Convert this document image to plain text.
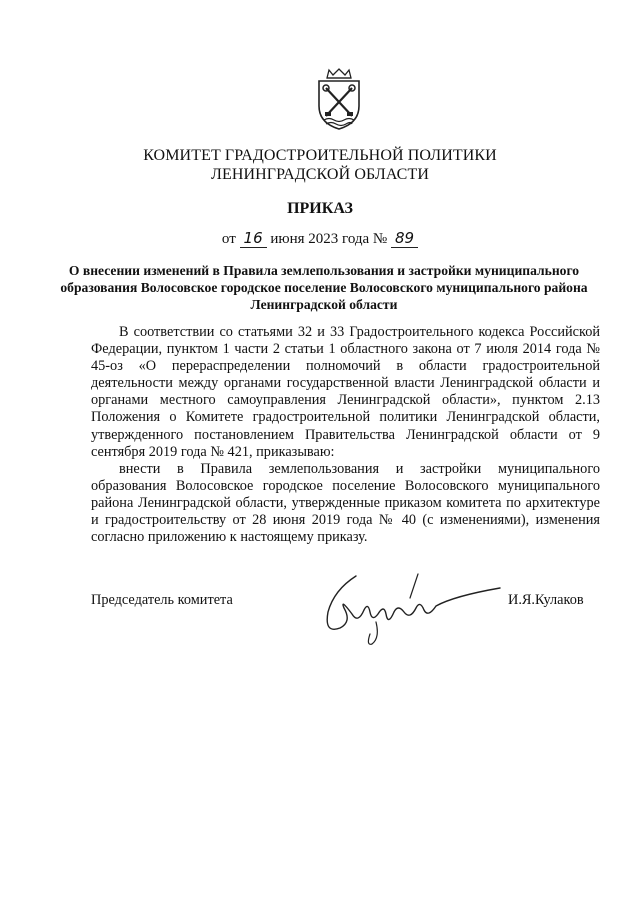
КОМИТЕТ ГРАДОСТРОИТЕЛЬНОЙ ПОЛИТИКИ
ЛЕНИНГРАДСКОЙ ОБЛАСТИ
ПРИКАЗ
от 16 июня 2023 года № 89
О внесении изменений в Правила землепользования и застройки муниципального образования Волосовское городское поселение Волосовского муниципального района Ленинградской области

В соответствии со статьями 32 и 33 Градостроительного кодекса Российской Федерации, пунктом 1 части 2 статьи 1 областного закона от 7 июля 2014 года № 45-оз «О перераспределении полномочий в области градостроительной деятельности между органами государственной власти Ленинградской области и органами местного самоуправления Ленинградской области», пунктом 2.13 Положения о Комитете градостроительной политики Ленинградской области, утвержденного постановлением Правительства Ленинградской области от 9 сентября 2019 года № 421, приказываю:

внести в Правила землепользования и застройки муниципального образования Волосовское городское поселение Волосовского муниципального района Ленинградской области, утвержденные приказом комитета по архитектуре и градостроительству от 28 июня 2019 года № 40 (с изменениями), изменения согласно приложению к настоящему приказу.

Председатель комитета	И.Я.Кулаков
